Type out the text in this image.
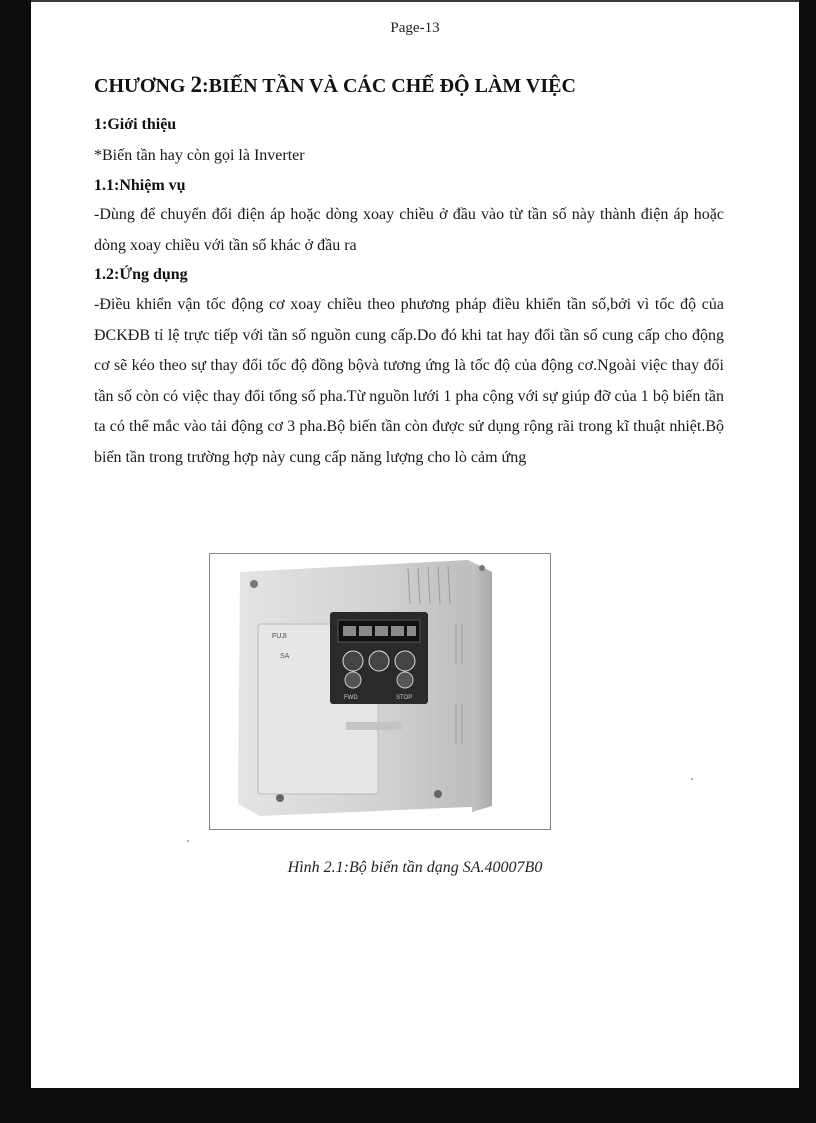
Page-13
CHƯƠNG 2:BIẾN TẦN VÀ CÁC CHẾ ĐỘ LÀM VIỆC
1:Giới thiệu
*Biến tần hay còn gọi là Inverter
1.1:Nhiệm vụ

-Dùng để chuyển đổi điện áp hoặc dòng xoay chiều ở đầu vào từ tần số này thành điện áp hoặc dòng xoay chiều với tần số khác ở đầu ra

1.2:Ứng dụng

-Điều khiển vận tốc động cơ xoay chiều theo phương pháp điều khiển tần số,bởi vì tốc độ của ĐCKĐB tỉ lệ trực tiếp với tần số nguồn cung cấp.Do đó khi tat hay đổi tần số cung cấp cho động cơ sẽ kéo theo sự thay đổi tốc độ đồng bộvà tương ứng là tốc độ của động cơ.Ngoài việc thay đổi tần số còn có việc thay đổi tổng số pha.Từ nguồn lưới 1 pha cộng với sự giúp đỡ của 1 bộ biến tần ta có thể mắc vào tải động cơ 3 pha.Bộ biến tần còn được sử dụng rộng rãi trong kĩ thuật nhiệt.Bộ biến tần trong trường hợp này cung cấp năng lượng cho lò cảm ứng

FUJI
SA
FWD	STOP
Hình 2.1:Bộ biến tần dạng SA.40007B0
